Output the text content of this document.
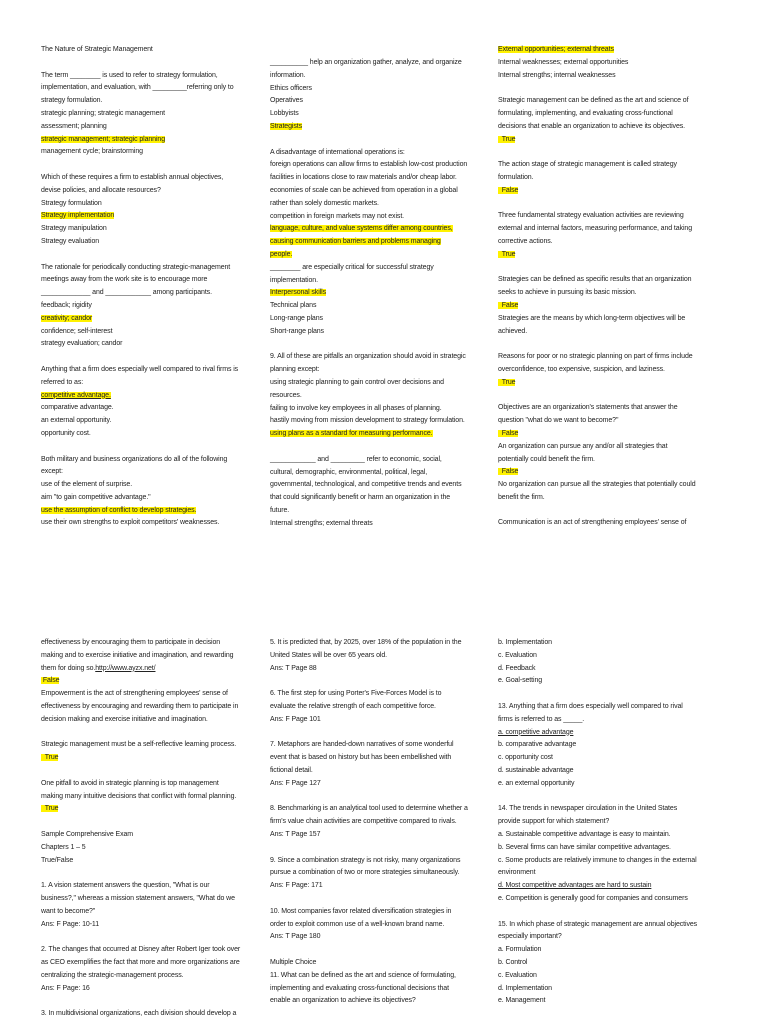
The Nature of Strategic Management
The term ________ is used to refer to strategy formulation,
implementation, and evaluation, with _________referring only to
strategy formulation.
strategic planning; strategic management
assessment; planning
strategic management; strategic planning
management cycle; brainstorming
Which of these requires a firm to establish annual objectives,
devise policies, and allocate resources?
Strategy formulation
Strategy implementation
Strategy manipulation
Strategy evaluation
The rationale for periodically conducting strategic-management
meetings away from the work site is to encourage more
_____________ and ____________ among participants.
feedback; rigidity
creativity; candor
confidence; self-interest
strategy evaluation; candor
Anything that a firm does especially well compared to rival firms is
referred to as:
competitive advantage.
comparative advantage.
an external opportunity.
opportunity cost.
Both military and business organizations do all of the following
except:
use of the element of surprise.
aim "to gain competitive advantage."
use the assumption of conflict to develop strategies.
use their own strengths to exploit competitors' weaknesses.
__________ help an organization gather, analyze, and organize
information.
Ethics officers
Operatives
Lobbyists
Strategists
A disadvantage of international operations is:
foreign operations can allow firms to establish low-cost production
facilities in locations close to raw materials and/or cheap labor.
economies of scale can be achieved from operation in a global
rather than solely domestic markets.
competition in foreign markets may not exist.
language, culture, and value systems differ among countries,
causing communication barriers and problems managing
people.
________ are especially critical for successful strategy
implementation.
Interpersonal skills
Technical plans
Long-range plans
Short-range plans
9. All of these are pitfalls an organization should avoid in strategic
planning except:
using strategic planning to gain control over decisions and
resources.
failing to involve key employees in all phases of planning.
hastily moving from mission development to strategy formulation.
using plans as a standard for measuring performance.
____________ and _________ refer to economic, social,
cultural, demographic, environmental, political, legal,
governmental, technological, and competitive trends and events
that could significantly benefit or harm an organization in the
future.
Internal strengths; external threats
External opportunities; external threats
Internal weaknesses; external opportunities
Internal strengths; internal weaknesses
Strategic management can be defined as the art and science of
formulating, implementing, and evaluating cross-functional
decisions that enable an organization to achieve its objectives.
True
The action stage of strategic management is called strategy
formulation.
False
Three fundamental strategy evaluation activities are reviewing
external and internal factors, measuring performance, and taking
corrective actions.
True
Strategies can be defined as specific results that an organization
seeks to achieve in pursuing its basic mission.
False
Strategies are the means by which long-term objectives will be
achieved.
Reasons for poor or no strategic planning on part of firms include
overconfidence, too expensive, suspicion, and laziness.
True
Objectives are an organization's statements that answer the
question "what do we want to become?"
False
An organization can pursue any and/or all strategies that
potentially could benefit the firm.
False
No organization can pursue all the strategies that potentially could
benefit the firm.
Communication is an act of strengthening employees' sense of
effectiveness by encouraging them to participate in decision
making and to exercise initiative and imagination, and rewarding
them for doing so.http://www.ayzx.net/
False
Empowerment is the act of strengthening employees' sense of
effectiveness by encouraging and rewarding them to participate in
decision making and exercise initiative and imagination.
Strategic management must be a self-reflective learning process.
True
One pitfall to avoid in strategic planning is top management
making many intuitive decisions that conflict with formal planning.
True
Sample Comprehensive Exam
Chapters 1 – 5
True/False
1. A vision statement answers the question, "What is our
business?," whereas a mission statement answers, "What do we
want to become?"
Ans: F Page: 10-11
2. The changes that occurred at Disney after Robert Iger took over
as CEO exemplifies the fact that more and more organizations are
centralizing the strategic-management process.
Ans: F Page: 16
3. In multidivisional organizations, each division should develop a
5. It is predicted that, by 2025, over 18% of the population in the
United States will be over 65 years old.
Ans: T Page 88
6. The first step for using Porter's Five-Forces Model is to
evaluate the relative strength of each competitive force.
Ans: F Page 101
7. Metaphors are handed-down narratives of some wonderful
event that is based on history but has been embellished with
fictional detail.
Ans: F Page 127
8. Benchmarking is an analytical tool used to determine whether a
firm's value chain activities are competitive compared to rivals.
Ans: T Page 157
9. Since a combination strategy is not risky, many organizations
pursue a combination of two or more strategies simultaneously.
Ans: F Page: 171
10. Most companies favor related diversification strategies in
order to exploit common use of a well-known brand name.
Ans: T Page 180
Multiple Choice
11. What can be defined as the art and science of formulating,
implementing and evaluating cross-functional decisions that
enable an organization to achieve its objectives?
b. Implementation
c. Evaluation
d. Feedback
e. Goal-setting
13. Anything that a firm does especially well compared to rival
firms is referred to as _____.
a. competitive advantage
b. comparative advantage
c. opportunity cost
d. sustainable advantage
e. an external opportunity
14. The trends in newspaper circulation in the United States
provide support for which statement?
a. Sustainable competitive advantage is easy to maintain.
b. Several firms can have similar competitive advantages.
c. Some products are relatively immune to changes in the external
environment
d. Most competitive advantages are hard to sustain
e. Competition is generally good for companies and consumers
15. In which phase of strategic management are annual objectives
especially important?
a. Formulation
b. Control
c. Evaluation
d. Implementation
e. Management
